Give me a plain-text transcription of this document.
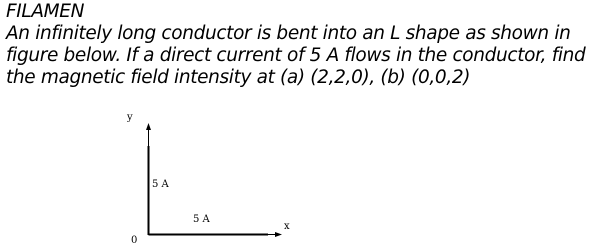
FILAMEN
An infinitely long conductor is bent into an L shape as shown in
figure below. If a direct current of 5 A flows in the conductor, find
the magnetic field intensity at (a) (2,2,0), (b) (0,0,2)
y
x
0
5 A
5 A
